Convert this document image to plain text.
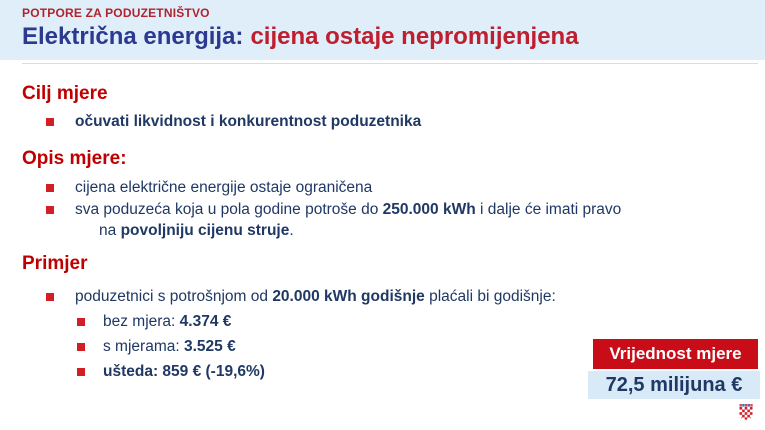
POTPORE ZA PODUZETNIŠTVO
Električna energija: cijena ostaje nepromijenjena
Cilj mjere
očuvati likvidnost i konkurentnost poduzetnika
Opis mjere:
cijena električne energije ostaje ograničena
sva poduzeća koja u pola godine potroše do 250.000 kWh i dalje će imati pravo
na povoljniju cijenu struje.
Primjer
poduzetnici s potrošnjom od 20.000 kWh godišnje plaćali bi godišnje:
bez mjera: 4.374 €
s mjerama: 3.525 €
ušteda: 859 € (-19,6%)
Vrijednost mjere
72,5 milijuna €
